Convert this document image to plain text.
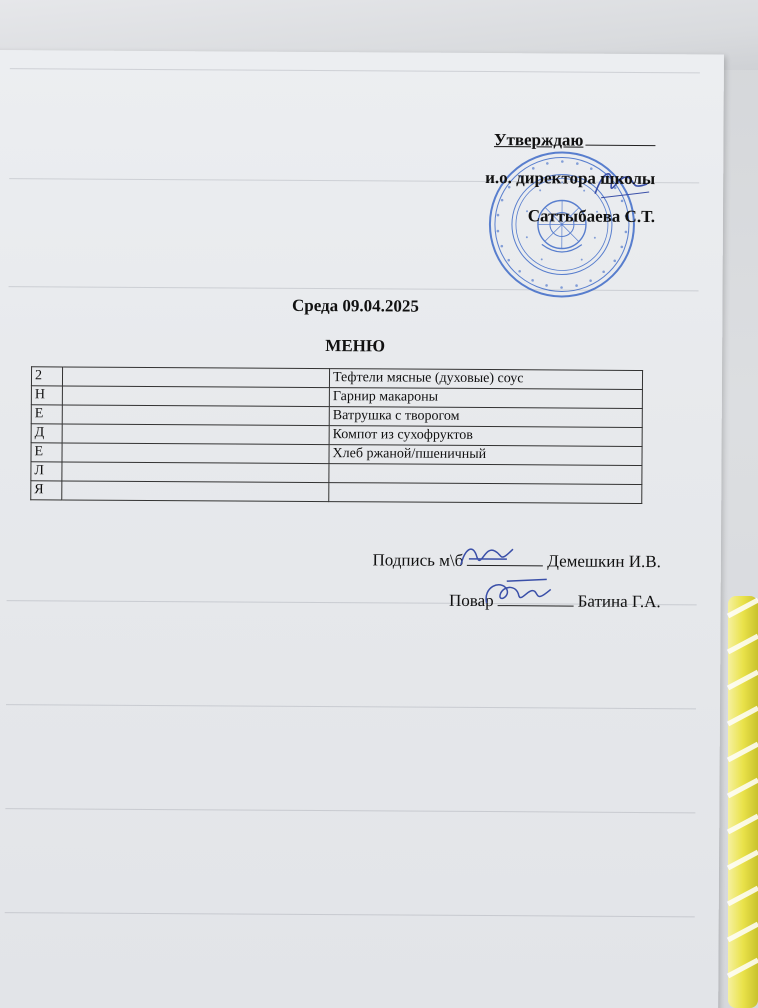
Утверждаю
и.о. директора школы
Саттыбаева С.Т.
Среда 09.04.2025
МЕНЮ
2		Тефтели мясные (духовые) соус
Н		Гарнир макароны
Е		Ватрушка с творогом
Д		Компот из сухофруктов
Е		Хлеб ржаной/пшеничный
Л		
Я		
Подпись м\б	Демешкин И.В.
Повар	Батина Г.А.
